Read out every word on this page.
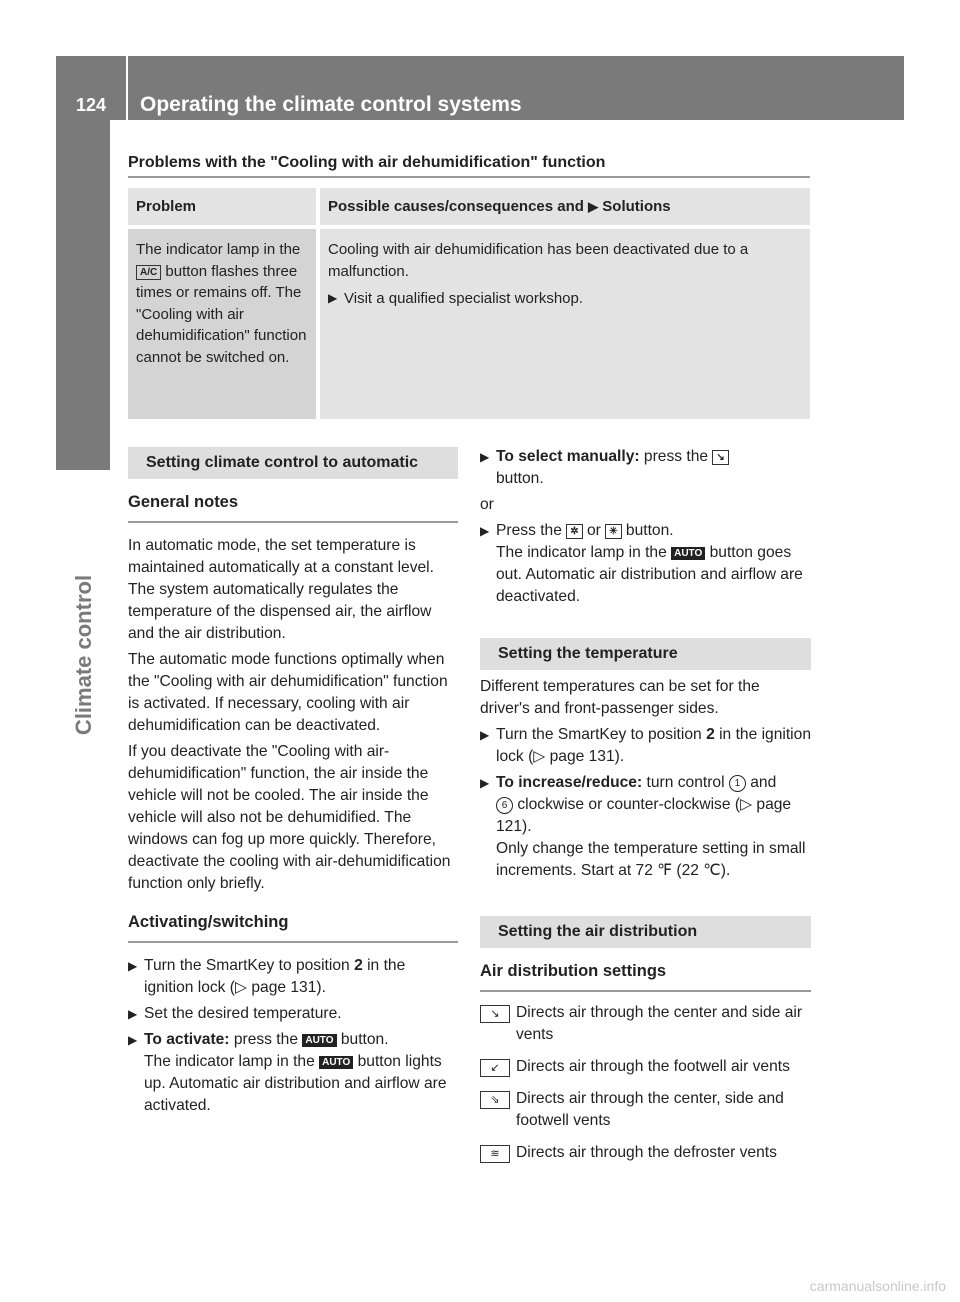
124	Operating the climate control systems
Climate control
Problems with the "Cooling with air dehumidification" function
Problem	Possible causes/consequences and ▶ Solutions
The indicator lamp in the A/C button flashes three times or remains off. The "Cooling with air dehumidification" function cannot be switched on.	Cooling with air dehumidification has been deactivated due to a malfunction.
▶ Visit a qualified specialist workshop.
Setting climate control to automatic
General notes

In automatic mode, the set temperature is maintained automatically at a constant level. The system automatically regulates the temperature of the dispensed air, the airflow and the air distribution.

The automatic mode functions optimally when the "Cooling with air dehumidification" function is activated. If necessary, cooling with air dehumidification can be deactivated.

If you deactivate the "Cooling with air-dehumidification" function, the air inside the vehicle will not be cooled. The air inside the vehicle will also not be dehumidified. The windows can fog up more quickly. Therefore, deactivate the cooling with air-dehumidification function only briefly.

Activating/switching
▶ Turn the SmartKey to position 2 in the ignition lock (▷ page 131).
▶ Set the desired temperature.
▶ To activate: press the AUTO button.
The indicator lamp in the AUTO button lights up. Automatic air distribution and airflow are activated.
▶ To select manually: press the ↘
button.

or

▶ Press the ✲ or ✳ button.
The indicator lamp in the AUTO button goes out. Automatic air distribution and airflow are deactivated.
Setting the temperature

Different temperatures can be set for the driver's and front-passenger sides.

▶ Turn the SmartKey to position 2 in the ignition lock (▷ page 131).
▶ To increase/reduce: turn control 1 and
6 clockwise or counter-clockwise (▷ page 121).
Only change the temperature setting in small increments. Start at 72 ℉ (22 ℃).
Setting the air distribution
Air distribution settings
↘	Directs air through the center and side air vents
↙	Directs air through the footwell air vents
⇘	Directs air through the center, side and footwell vents
≋	Directs air through the defroster vents
carmanualsonline.info
